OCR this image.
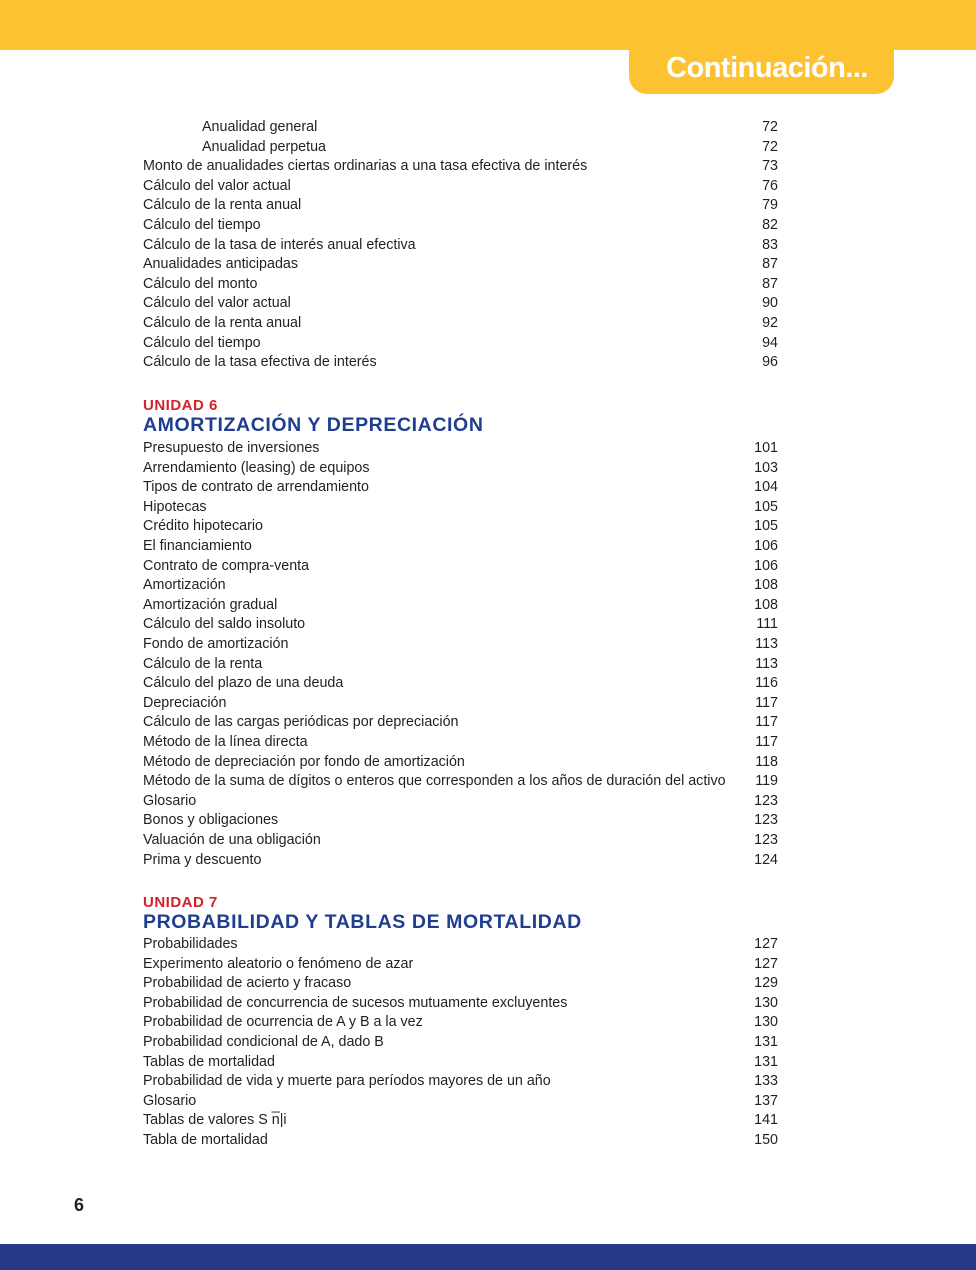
Continuación...
Anualidad general	72
Anualidad perpetua	72
Monto de anualidades ciertas ordinarias a una tasa efectiva de interés	73
Cálculo del valor actual	76
Cálculo de la renta anual	79
Cálculo del tiempo	82
Cálculo de la tasa de interés anual efectiva	83
Anualidades anticipadas	87
Cálculo del monto	87
Cálculo del valor actual	90
Cálculo de la renta anual	92
Cálculo del tiempo	94
Cálculo de la tasa efectiva de interés	96
UNIDAD 6
AMORTIZACIÓN Y DEPRECIACIÓN
Presupuesto de inversiones	101
Arrendamiento (leasing) de equipos	103
Tipos de contrato de arrendamiento	104
Hipotecas	105
Crédito hipotecario	105
El financiamiento	106
Contrato de compra-venta	106
Amortización	108
Amortización gradual	108
Cálculo del saldo insoluto	111
Fondo de amortización	113
Cálculo de la renta	113
Cálculo del plazo de una deuda	116
Depreciación	117
Cálculo de las cargas periódicas por depreciación	117
Método de la línea directa	117
Método de depreciación por fondo de amortización	118
Método de la suma de dígitos o enteros que corresponden a los años de duración del activo 119
Glosario	123
Bonos y obligaciones	123
Valuación de una obligación	123
Prima y descuento	124
UNIDAD 7
PROBABILIDAD Y TABLAS DE MORTALIDAD
Probabilidades	127
Experimento aleatorio o fenómeno de azar	127
Probabilidad de acierto y fracaso	129
Probabilidad de concurrencia de sucesos mutuamente excluyentes	130
Probabilidad de ocurrencia de A y B a la vez	130
Probabilidad condicional de A, dado B	131
Tablas de mortalidad	131
Probabilidad de vida y muerte para períodos mayores de un año	133
Glosario	137
Tablas de valores S n̅|i	141
Tabla de mortalidad	150
6
